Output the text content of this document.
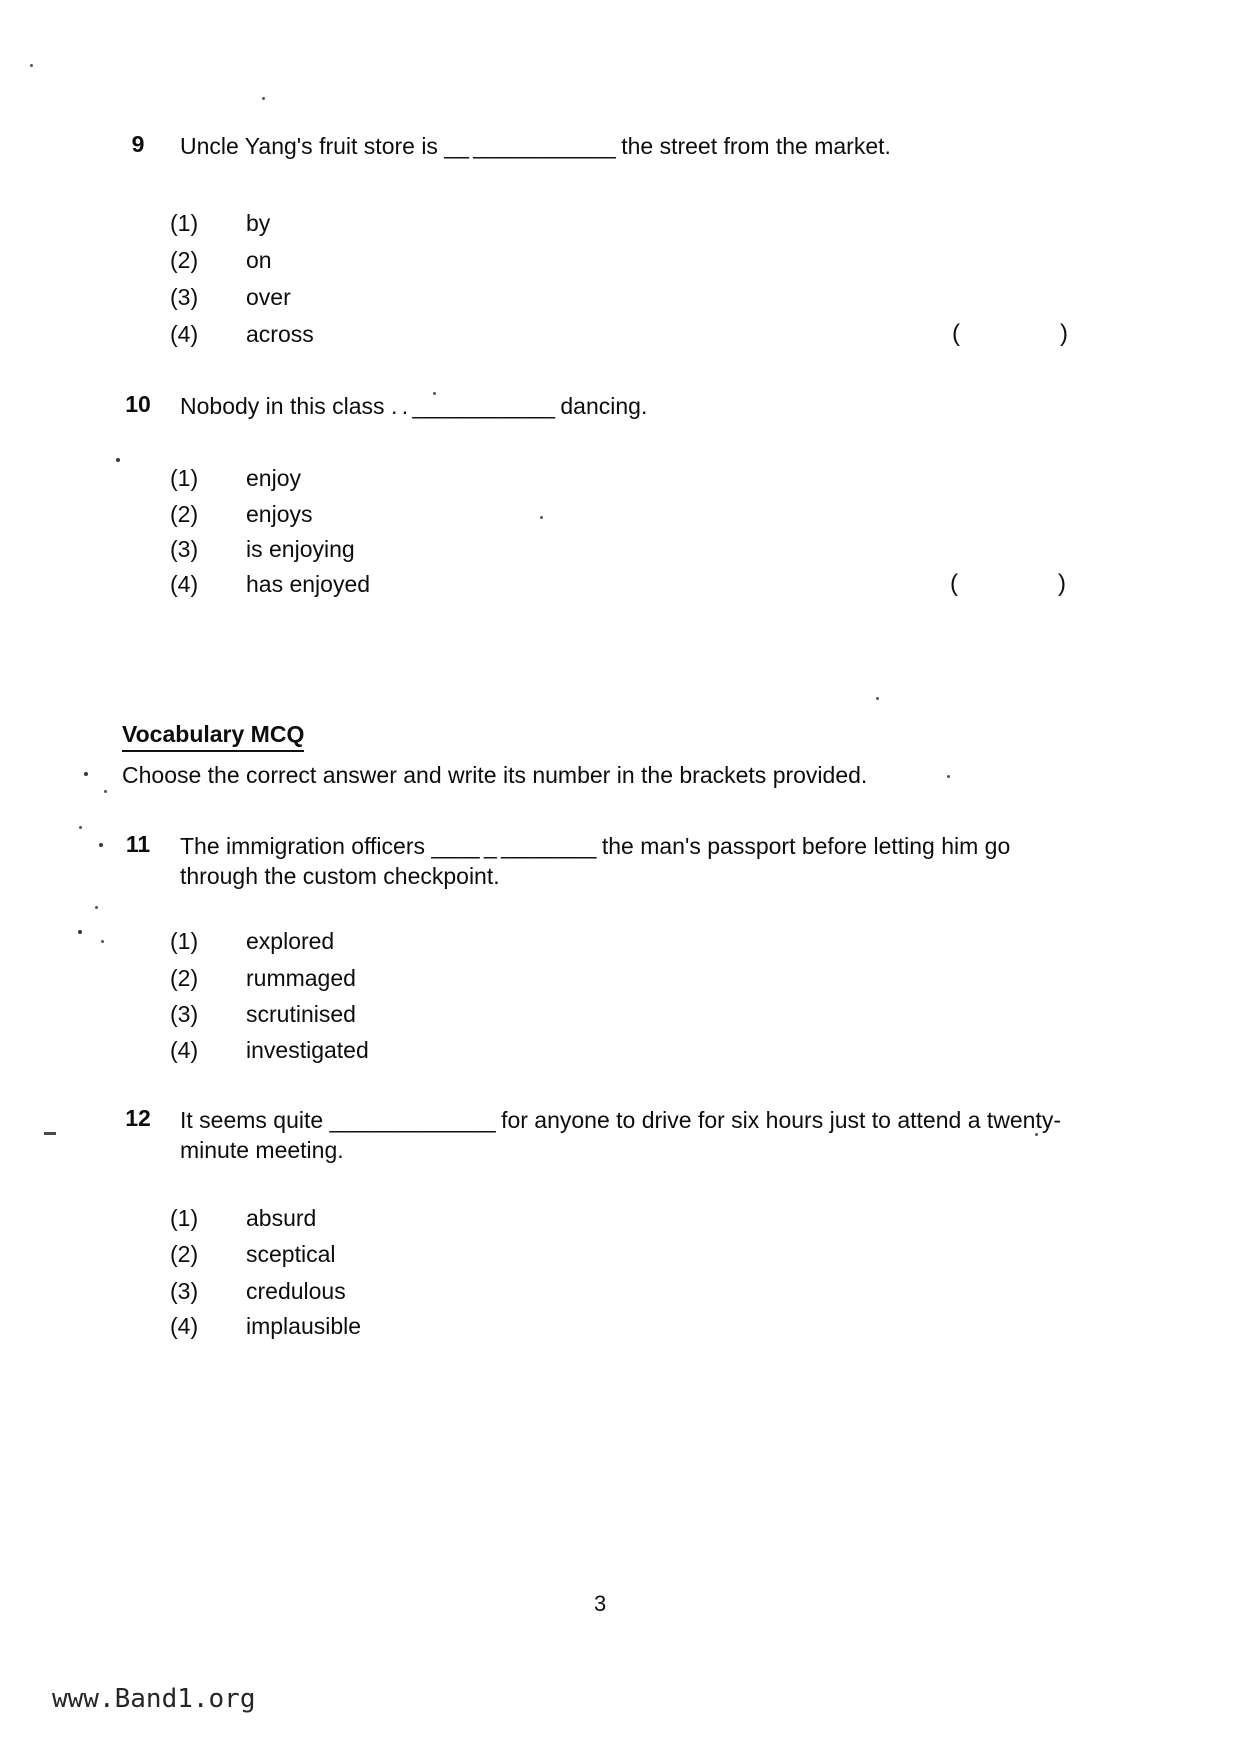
9	Uncle Yang's fruit store is __ ____________ the street from the market.
(1) by
(2) on
(3) over
(4) across	(	)
10	Nobody in this class . . ____________ dancing.
(1) enjoy
(2) enjoys
(3) is enjoying
(4) has enjoyed	(	)
Vocabulary MCQ
Choose the correct answer and write its number in the brackets provided.
11	The immigration officers ____ _ ________ the man's passport before letting him go through the custom checkpoint.
(1) explored
(2) rummaged
(3) scrutinised
(4) investigated
12	It seems quite ______________ for anyone to drive for six hours just to attend a twenty-minute meeting.
(1) absurd
(2) sceptical
(3) credulous
(4) implausible
3
www.Band1.org
